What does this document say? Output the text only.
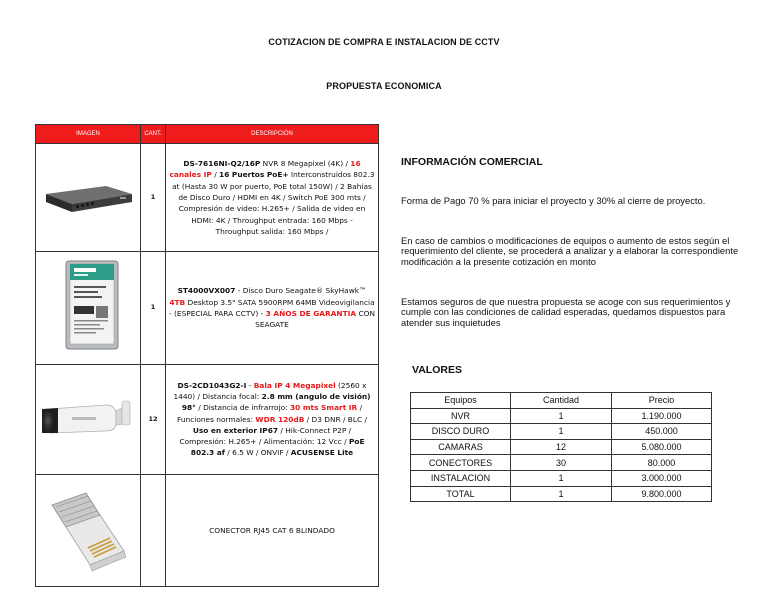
COTIZACION DE COMPRA E INSTALACION DE CCTV
PROPUESTA ECONOMICA
IMAGEN	CANT.	DESCRIPCIÓN
	1	DS-7616NI-Q2/16P NVR 8 Megapixel (4K) / 16 canales IP / 16 Puertos PoE+ Interconstruidos 802.3 at (Hasta 30 W por puerto, PoE total 150W) / 2 Bahías de Disco Duro / HDMI en 4K / Switch PoE 300 mts / Compresión de video: H.265+ / Salida de video en HDMI: 4K / Throughput entrada: 160 Mbps - Throughput salida: 160 Mbps /
	1	ST4000VX007 - Disco Duro Seagate® SkyHawk™ 4TB Desktop 3.5" SATA 5900RPM 64MB Videovigilancia - (ESPECIAL PARA CCTV) - 3 AÑOS DE GARANTIA CON SEAGATE
	12	DS-2CD1043G2-I - Bala IP 4 Megapixel (2560 x 1440) / Distancia focal: 2.8 mm (angulo de visión) 98° / Distancia de infrarrojo: 30 mts Smart IR / Funciones normales: WDR 120dB / D3 DNR / BLC / Uso en exterior IP67 / Hik-Connect P2P / Compresión: H.265+ / Alimentación: 12 Vcc / PoE 802.3 af / 6.5 W / ONVIF / ACUSENSE Lite
		CONECTOR RJ45 CAT 6 BLINDADO
INFORMACIÓN COMERCIAL
Forma de Pago 70 % para iniciar el proyecto y 30% al cierre de proyecto.
En caso de cambios o modificaciones de equipos o aumento de estos según el requerimiento del cliente, se procederá a analizar y a elaborar la correspondiente modificación a la presente cotización en monto
Estamos seguros de que nuestra propuesta se acoge con sus requerimientos y cumple con las condiciones de calidad esperadas, quedamos dispuestos para atender sus inquietudes
VALORES
Equipos	Cantidad	Precio
NVR	1	1.190.000
DISCO DURO	1	450.000
CAMARAS	12	5.080.000
CONECTORES	30	80.000
INSTALACION	1	3.000.000
TOTAL	1	9.800.000
